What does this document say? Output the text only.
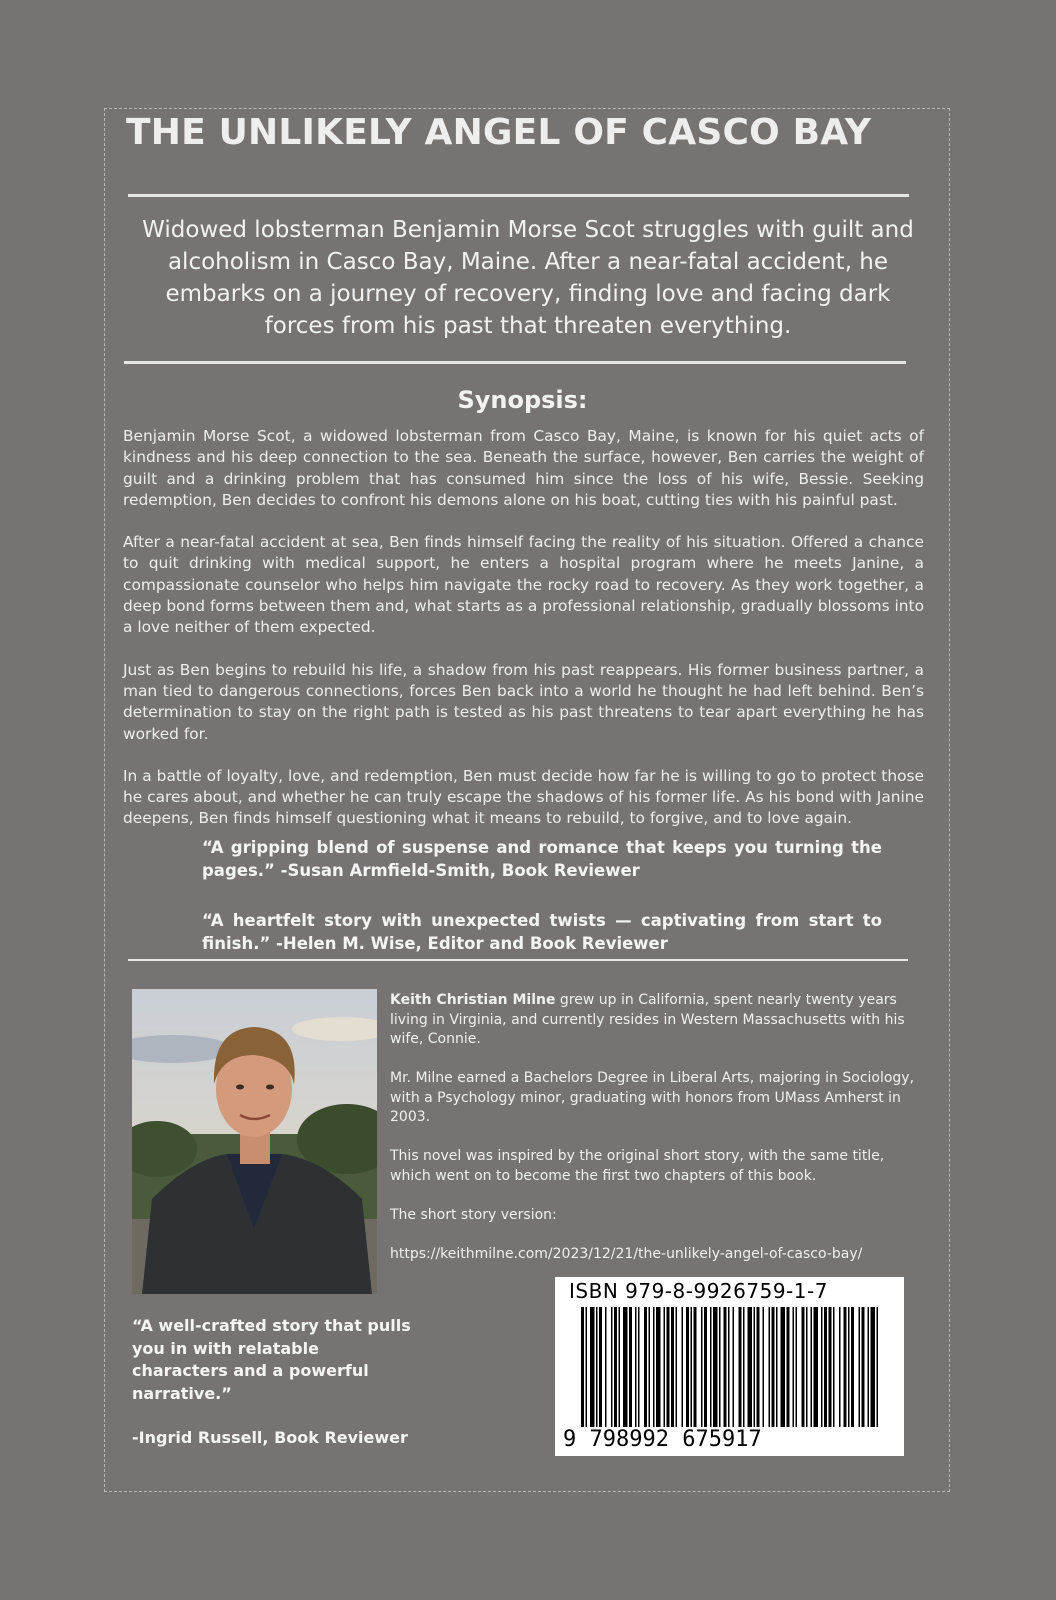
THE UNLIKELY ANGEL OF CASCO BAY
Widowed lobsterman Benjamin Morse Scot struggles with guilt and alcoholism in Casco Bay, Maine. After a near-fatal accident, he embarks on a journey of recovery, finding love and facing dark forces from his past that threaten everything.
Synopsis:

Benjamin Morse Scot, a widowed lobsterman from Casco Bay, Maine, is known for his quiet acts of kindness and his deep connection to the sea. Beneath the surface, however, Ben carries the weight of guilt and a drinking problem that has consumed him since the loss of his wife, Bessie. Seeking redemption, Ben decides to confront his demons alone on his boat, cutting ties with his painful past.

After a near-fatal accident at sea, Ben finds himself facing the reality of his situation. Offered a chance to quit drinking with medical support, he enters a hospital program where he meets Janine, a compassionate counselor who helps him navigate the rocky road to recovery. As they work together, a deep bond forms between them and, what starts as a professional relationship, gradually blossoms into a love neither of them expected.

Just as Ben begins to rebuild his life, a shadow from his past reappears. His former business partner, a man tied to dangerous connections, forces Ben back into a world he thought he had left behind. Ben’s determination to stay on the right path is tested as his past threatens to tear apart everything he has worked for.

In a battle of loyalty, love, and redemption, Ben must decide how far he is willing to go to protect those he cares about, and whether he can truly escape the shadows of his former life. As his bond with Janine deepens, Ben finds himself questioning what it means to rebuild, to forgive, and to love again.

“A gripping blend of suspense and romance that keeps you turning the pages.” -Susan Armfield-Smith, Book Reviewer
“A heartfelt story with unexpected twists — captivating from start to finish.” -Helen M. Wise, Editor and Book Reviewer

Keith Christian Milne grew up in California, spent nearly twenty years living in Virginia, and currently resides in Western Massachusetts with his wife, Connie.

Mr. Milne earned a Bachelors Degree in Liberal Arts, majoring in Sociology, with a Psychology minor, graduating with honors from UMass Amherst in 2003.

This novel was inspired by the original short story, with the same title, which went on to become the first two chapters of this book.

The short story version:

https://keithmilne.com/2023/12/21/the-unlikely-angel-of-casco-bay/

“A well-crafted story that pulls you in with relatable characters and a powerful narrative.”

-Ingrid Russell, Book Reviewer

ISBN 979-8-9926759-1-7
9 798992 675917
